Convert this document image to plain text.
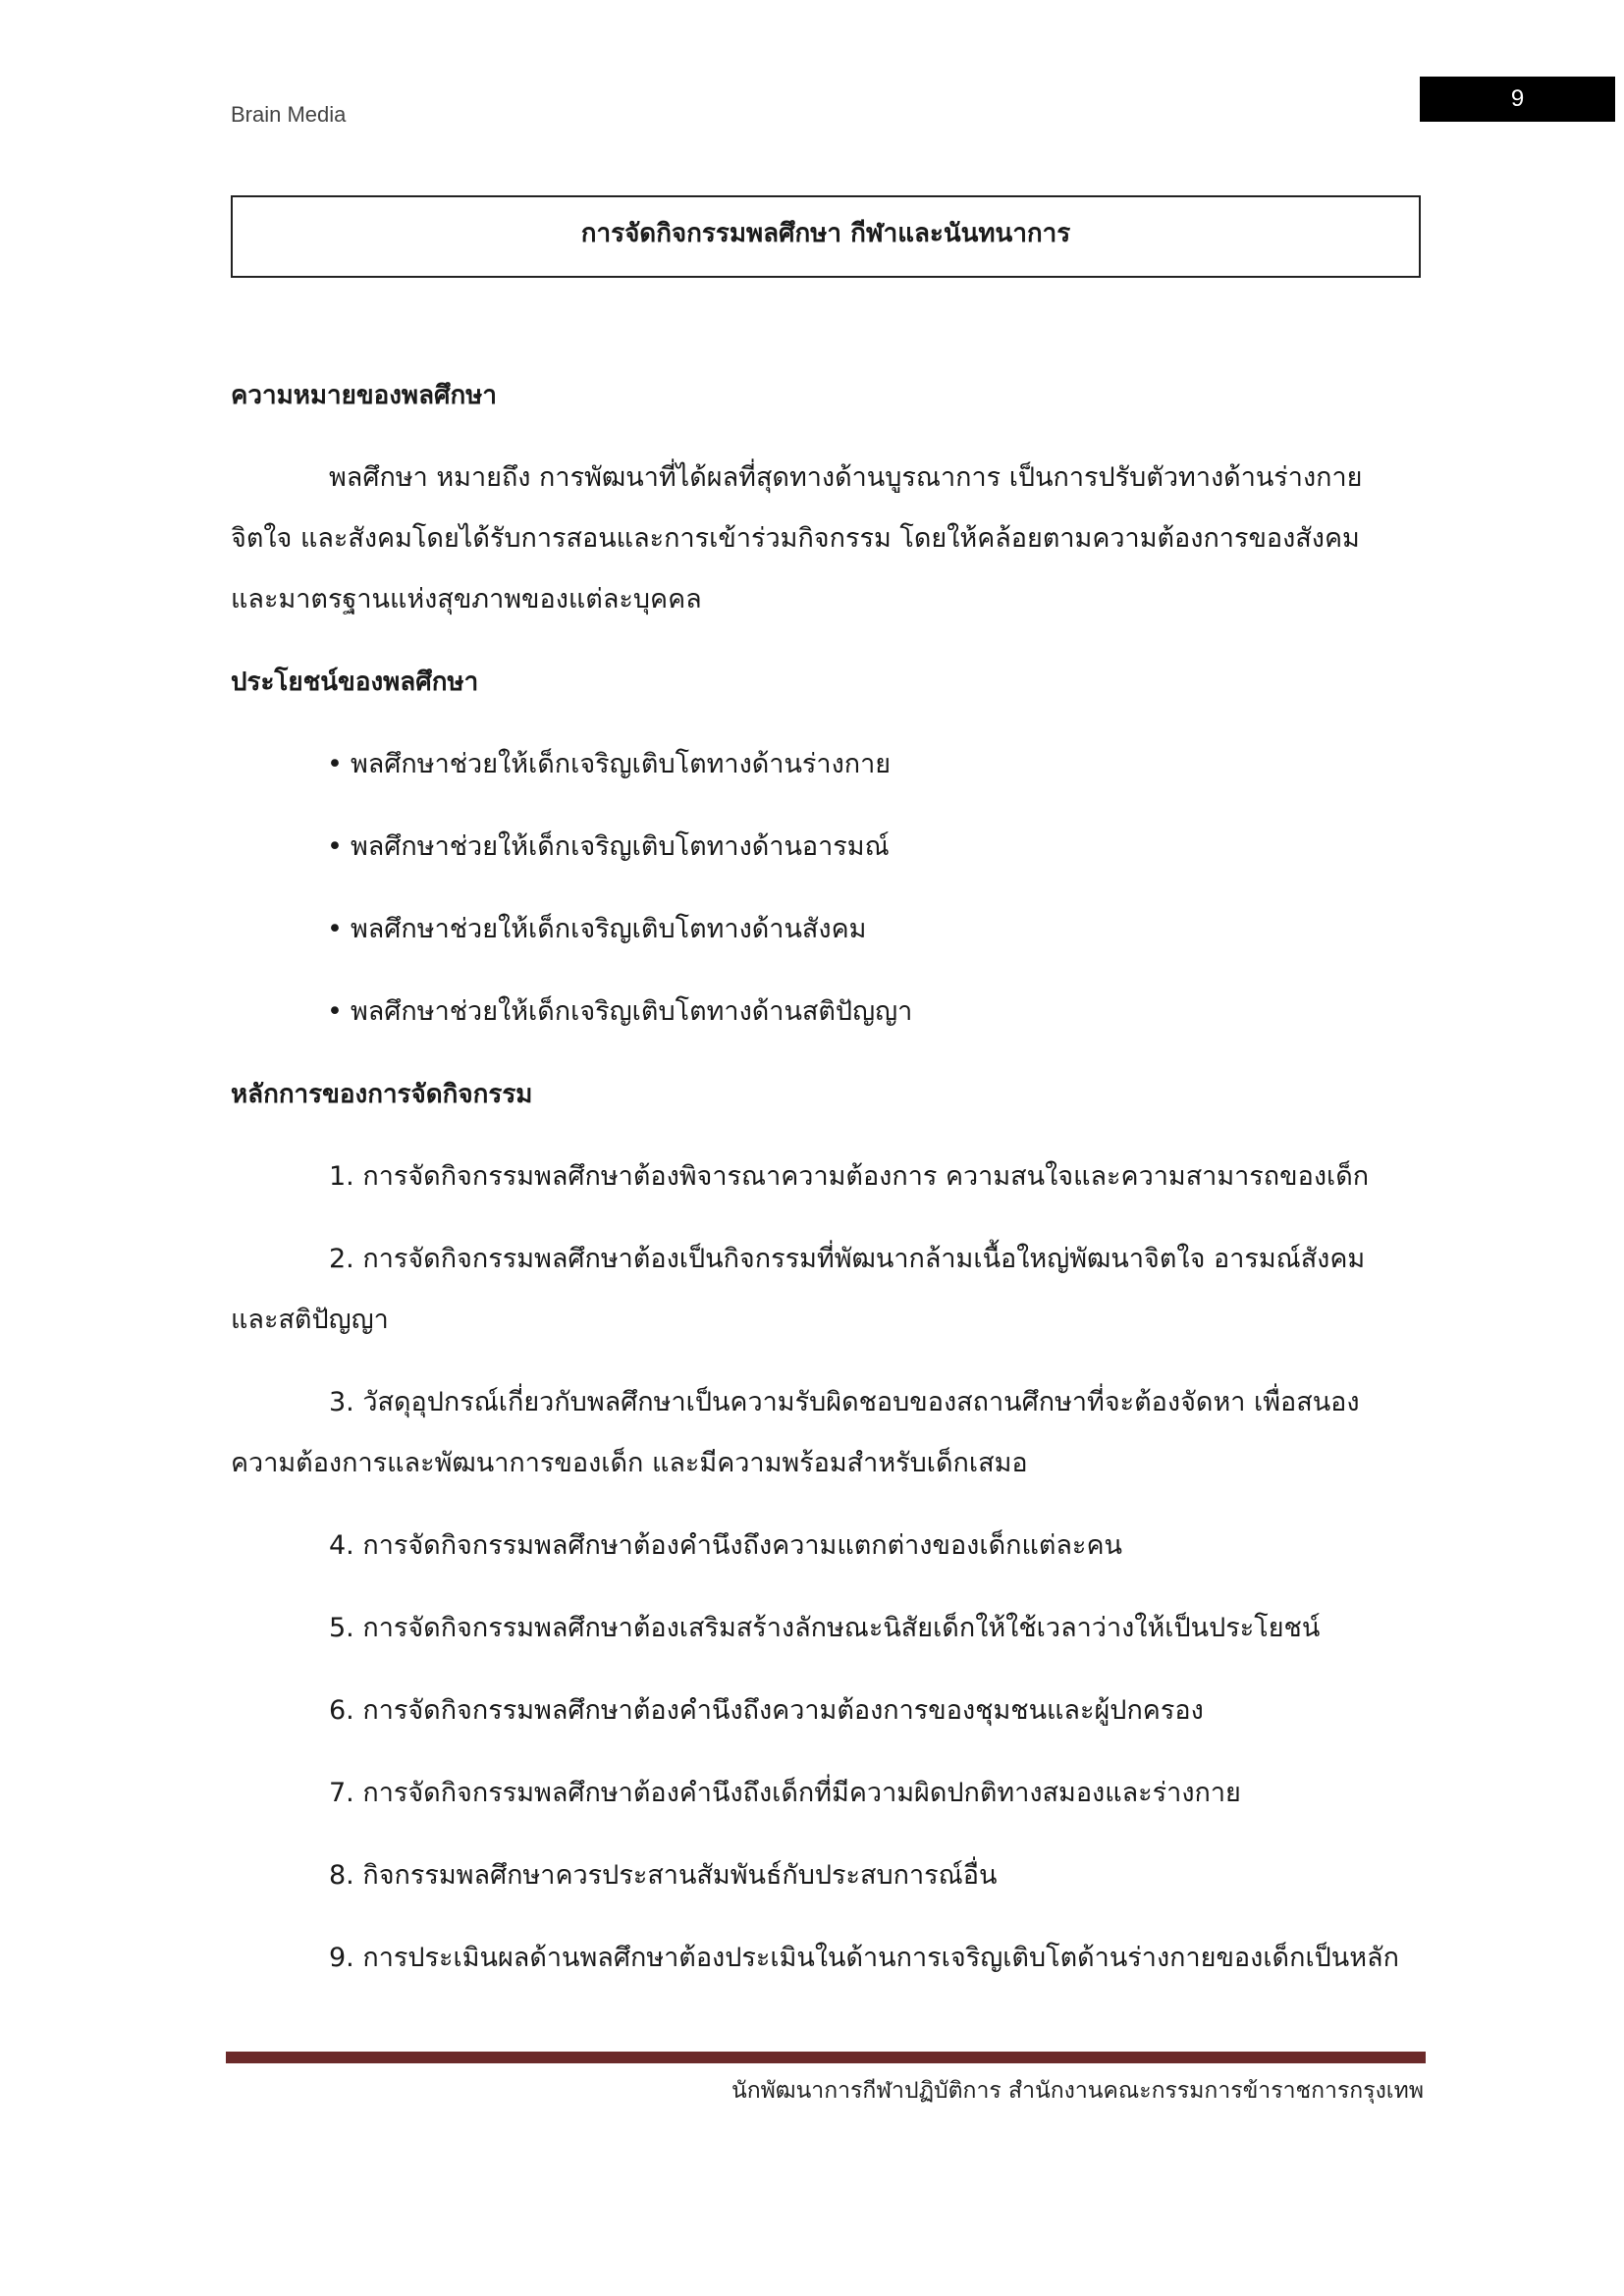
Brain Media
9
การจัดกิจกรรมพลศึกษา กีฬาและนันทนาการ

ความหมายของพลศึกษา

พลศึกษา หมายถึง การพัฒนาที่ได้ผลที่สุดทางด้านบูรณาการ เป็นการปรับตัวทางด้านร่างกาย จิตใจ และสังคมโดยได้รับการสอนและการเข้าร่วมกิจกรรม โดยให้คล้อยตามความต้องการของสังคม และมาตรฐานแห่งสุขภาพของแต่ละบุคคล

ประโยชน์ของพลศึกษา

• พลศึกษาช่วยให้เด็กเจริญเติบโตทางด้านร่างกาย
• พลศึกษาช่วยให้เด็กเจริญเติบโตทางด้านอารมณ์
• พลศึกษาช่วยให้เด็กเจริญเติบโตทางด้านสังคม
• พลศึกษาช่วยให้เด็กเจริญเติบโตทางด้านสติปัญญา

หลักการของการจัดกิจกรรม

1. การจัดกิจกรรมพลศึกษาต้องพิจารณาความต้องการ ความสนใจและความสามารถของเด็ก
2. การจัดกิจกรรมพลศึกษาต้องเป็นกิจกรรมที่พัฒนากล้ามเนื้อใหญ่พัฒนาจิตใจ อารมณ์สังคมและสติปัญญา
3. วัสดุอุปกรณ์เกี่ยวกับพลศึกษาเป็นความรับผิดชอบของสถานศึกษาที่จะต้องจัดหา เพื่อสนองความต้องการและพัฒนาการของเด็ก และมีความพร้อมสำหรับเด็กเสมอ
4. การจัดกิจกรรมพลศึกษาต้องคำนึงถึงความแตกต่างของเด็กแต่ละคน
5. การจัดกิจกรรมพลศึกษาต้องเสริมสร้างลักษณะนิสัยเด็กให้ใช้เวลาว่างให้เป็นประโยชน์
6. การจัดกิจกรรมพลศึกษาต้องคำนึงถึงความต้องการของชุมชนและผู้ปกครอง
7. การจัดกิจกรรมพลศึกษาต้องคำนึงถึงเด็กที่มีความผิดปกติทางสมองและร่างกาย
8. กิจกรรมพลศึกษาควรประสานสัมพันธ์กับประสบการณ์อื่น
9. การประเมินผลด้านพลศึกษาต้องประเมินในด้านการเจริญเติบโตด้านร่างกายของเด็กเป็นหลัก
นักพัฒนาการกีฬาปฏิบัติการ สำนักงานคณะกรรมการข้าราชการกรุงเทพ
